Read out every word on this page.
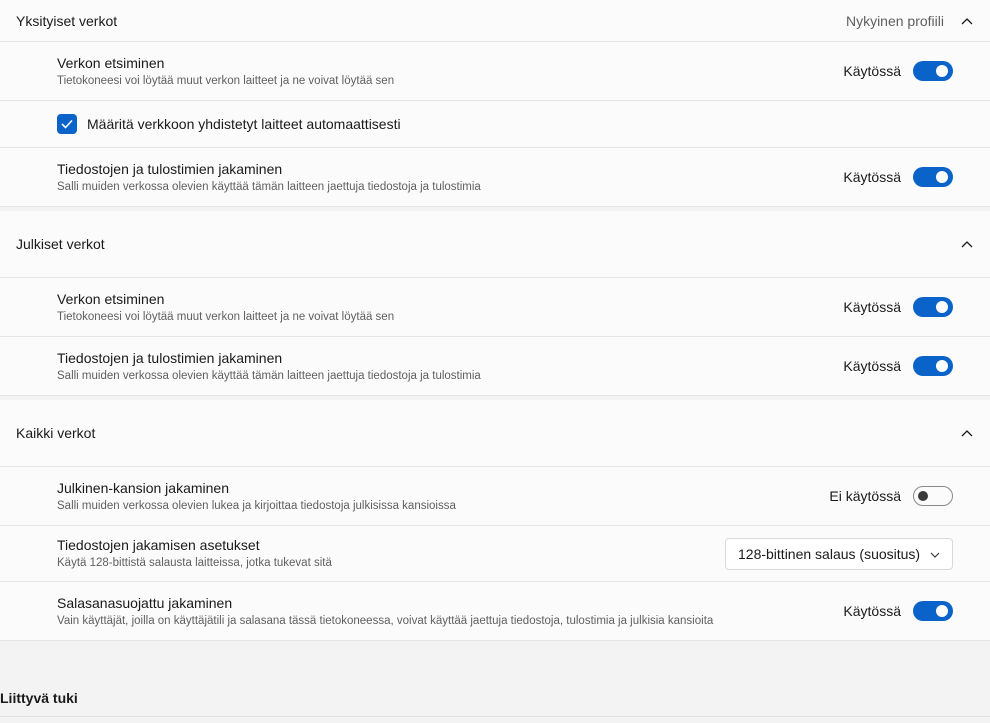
Yksityiset verkot	Nykyinen profiili
Verkon etsiminen
Tietokoneesi voi löytää muut verkon laitteet ja ne voivat löytää sen
Käytössä
Määritä verkkoon yhdistetyt laitteet automaattisesti
Tiedostojen ja tulostimien jakaminen
Salli muiden verkossa olevien käyttää tämän laitteen jaettuja tiedostoja ja tulostimia
Käytössä
Julkiset verkot
Verkon etsiminen
Tietokoneesi voi löytää muut verkon laitteet ja ne voivat löytää sen
Käytössä
Tiedostojen ja tulostimien jakaminen
Salli muiden verkossa olevien käyttää tämän laitteen jaettuja tiedostoja ja tulostimia
Käytössä
Kaikki verkot
Julkinen-kansion jakaminen
Salli muiden verkossa olevien lukea ja kirjoittaa tiedostoja julkisissa kansioissa
Ei käytössä
Tiedostojen jakamisen asetukset
Käytä 128-bittistä salausta laitteissa, jotka tukevat sitä
128-bittinen salaus (suositus)
Salasanasuojattu jakaminen
Vain käyttäjät, joilla on käyttäjätili ja salasana tässä tietokoneessa, voivat käyttää jaettuja tiedostoja, tulostimia ja julkisia kansioita
Käytössä
Liittyvä tuki
